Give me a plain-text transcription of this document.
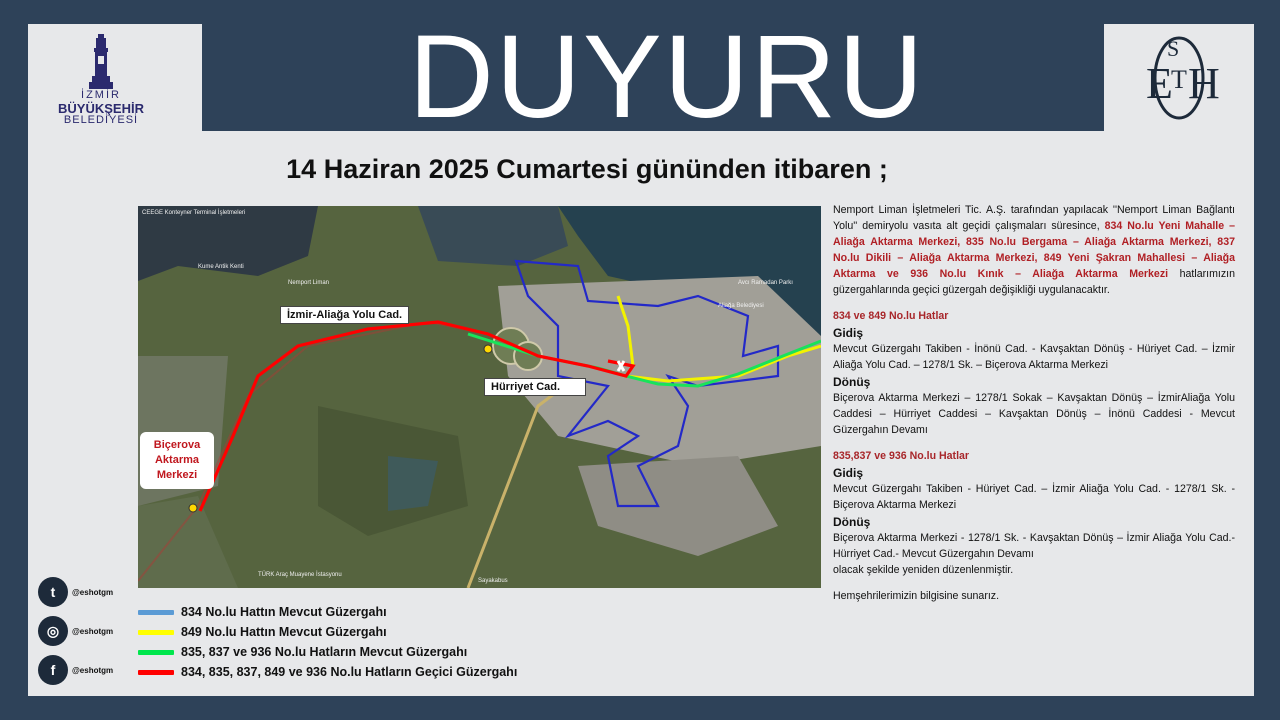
İZMİR
BÜYÜKŞEHİR
BELEDİYESİ	DUYURU	E H
S
T
14 Haziran 2025 Cumartesi gününden itibaren ;
CEEGE Konteyner Terminal İşletmeleri
Nemport Liman
Kume Antik Kenti
Avcı Ramadan Parkı
Aliağa Belediyesi
TÜRK Araç Muayene İstasyonu
Sayakabus
İzmir-Aliağa Yolu Cad.
Hürriyet Cad.
Biçerova Aktarma Merkezi
t	@eshotgm
◎	@eshotgm
f	@eshotgm
834 No.lu Hattın Mevcut Güzergahı
849 No.lu Hattın Mevcut Güzergahı
835, 837 ve 936 No.lu Hatların Mevcut Güzergahı
834, 835, 837, 849 ve 936 No.lu Hatların Geçici Güzergahı

Nemport Liman İşletmeleri Tic. A.Ş. tarafından yapılacak ''Nemport Liman Bağlantı Yolu'' demiryolu vasıta alt geçidi çalışmaları süresince, 834 No.lu Yeni Mahalle – Aliağa Aktarma Merkezi, 835 No.lu Bergama – Aliağa Aktarma Merkezi, 837 No.lu Dikili – Aliağa Aktarma Merkezi, 849 Yeni Şakran Mahallesi – Aliağa Aktarma ve 936 No.lu Kınık – Aliağa Aktarma Merkezi hatlarımızın güzergahlarında geçici güzergah değişikliği uygulanacaktır.

834 ve 849 No.lu Hatlar

Gidiş

Mevcut Güzergahı Takiben - İnönü Cad. - Kavşaktan Dönüş - Hüriyet Cad. – İzmir Aliağa Yolu Cad. – 1278/1 Sk. – Biçerova Aktarma Merkezi

Dönüş

Biçerova Aktarma Merkezi – 1278/1 Sokak – Kavşaktan Dönüş – İzmirAliağa Yolu Caddesi – Hürriyet Caddesi – Kavşaktan Dönüş – İnönü Caddesi - Mevcut Güzergahın Devamı

835,837 ve 936 No.lu Hatlar

Gidiş

Mevcut Güzergahı Takiben - Hüriyet Cad. – İzmir Aliağa Yolu Cad. - 1278/1 Sk. - Biçerova Aktarma Merkezi

Dönüş

Biçerova Aktarma Merkezi - 1278/1 Sk. - Kavşaktan Dönüş – İzmir Aliağa Yolu Cad.- Hürriyet Cad.- Mevcut Güzergahın Devamı

olacak şekilde yeniden düzenlenmiştir.

Hemşehrilerimizin bilgisine sunarız.
